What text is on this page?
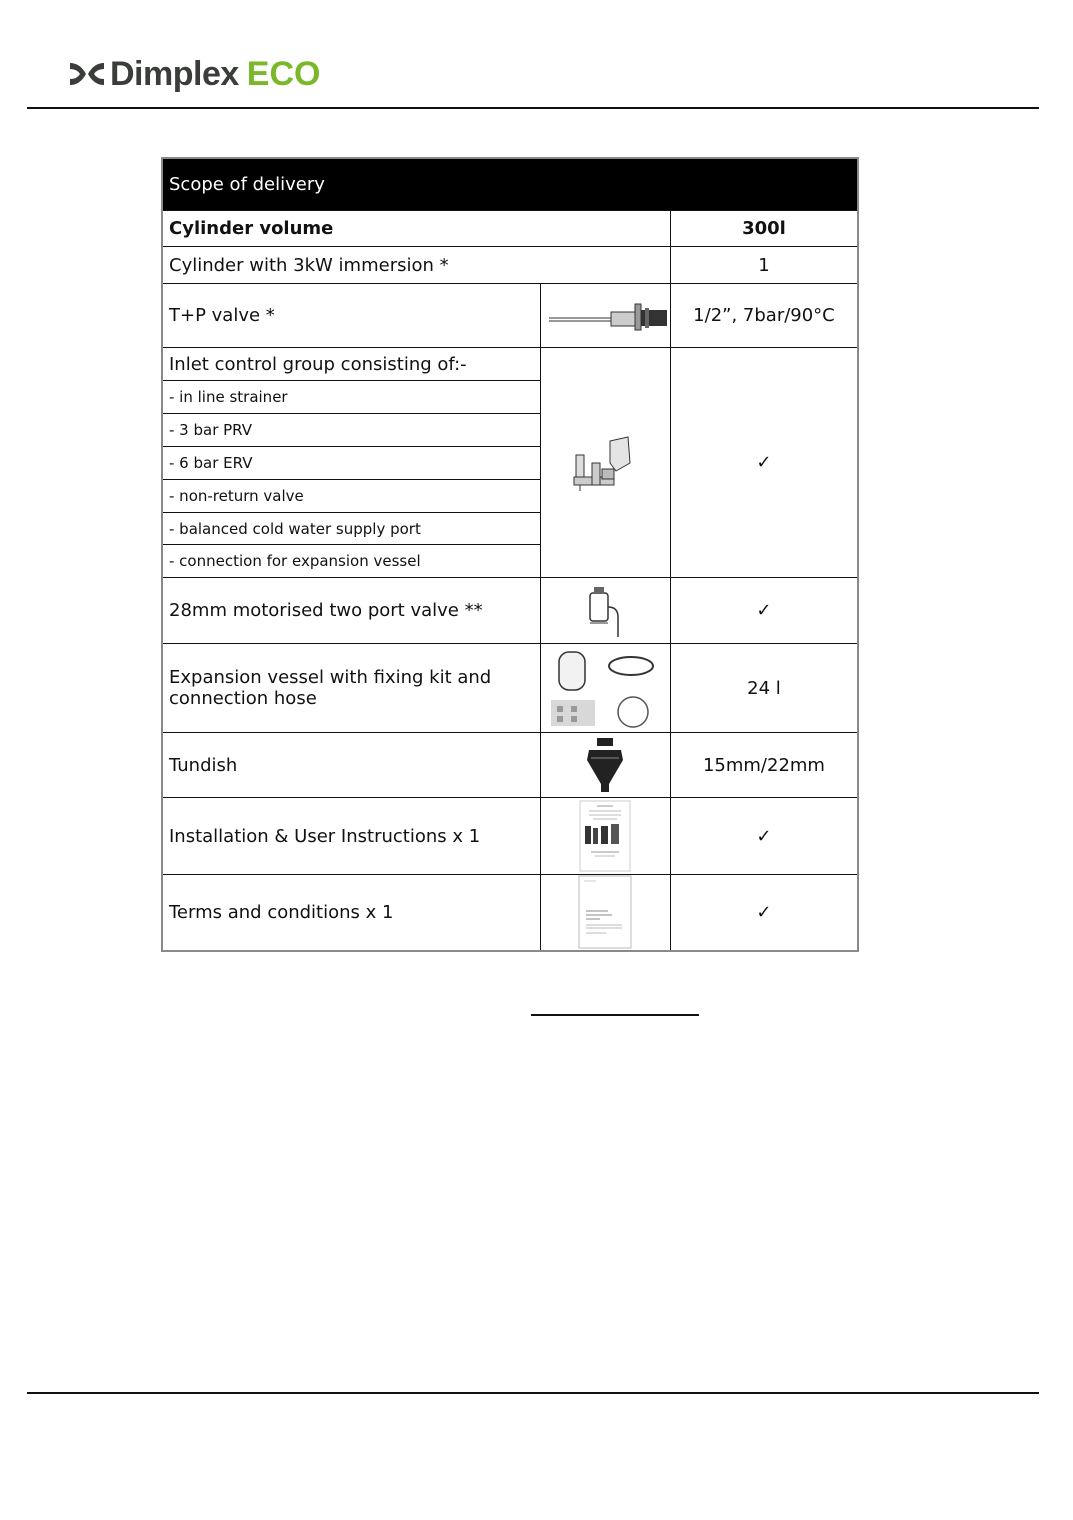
Dimplex ECO
Scope of delivery		
Cylinder volume		300l
Cylinder with 3kW immersion *		1
T+P valve *		1/2”, 7bar/90°C
Inlet control group consisting of:-		✓
- in line strainer		
- 3 bar PRV		
- 6 bar ERV		
- non-return valve		
- balanced cold water supply port		
- connection for expansion vessel		
28mm motorised two port valve **		✓
Expansion vessel with fixing kit and connection hose		24 l
Tundish		15mm/22mm
Installation & User Instructions x 1		✓
Terms and conditions x 1		✓
